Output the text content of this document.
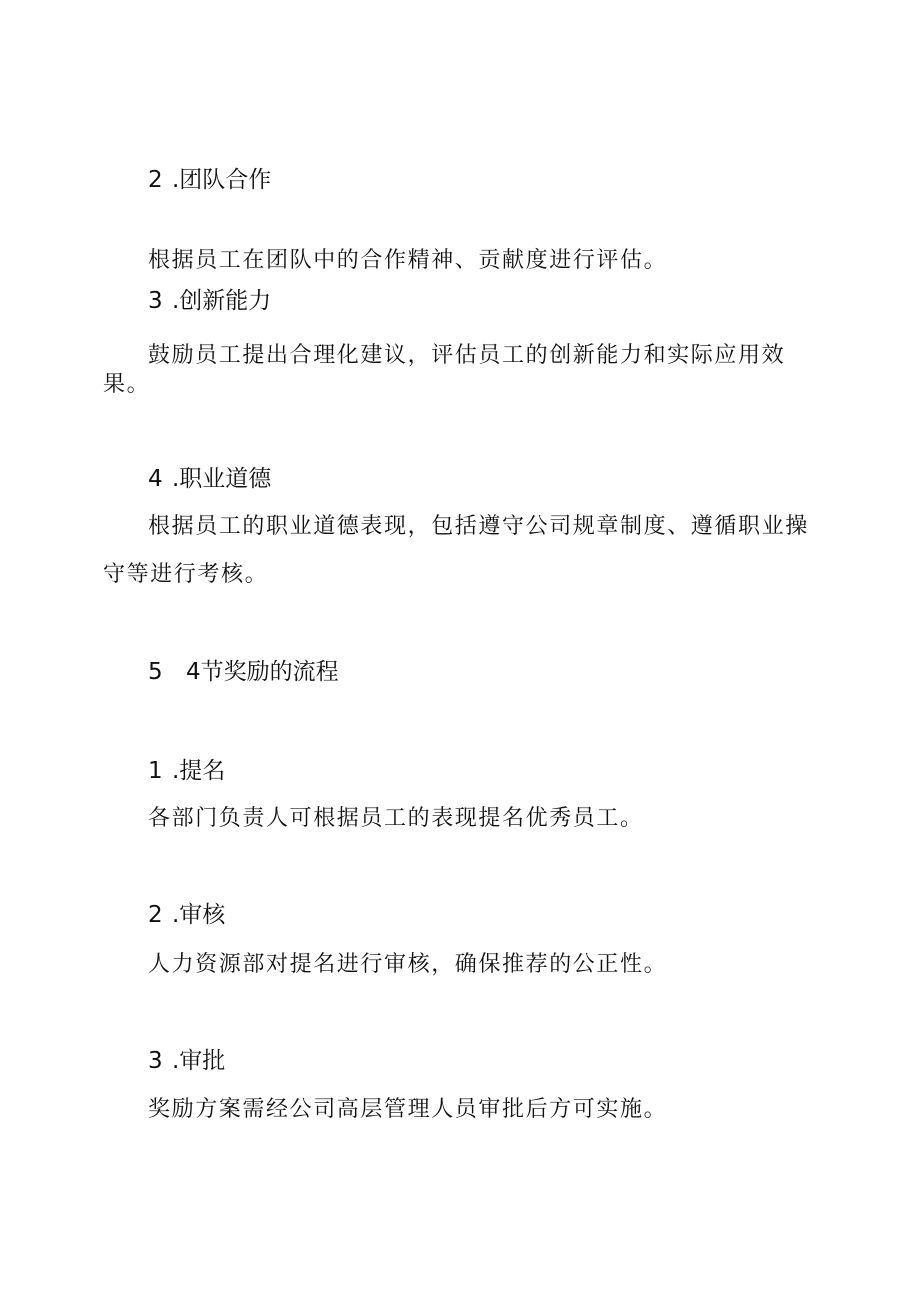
2 .团队合作
根据员工在团队中的合作精神、贡献度进行评估。
3 .创新能力
鼓励员工提出合理化建议，评估员工的创新能力和实际应用效
果。
4 .职业道德
根据员工的职业道德表现，包括遵守公司规章制度、遵循职业操
守等进行考核。
5 4节奖励的流程
1 .提名
各部门负责人可根据员工的表现提名优秀员工。
2 .审核
人力资源部对提名进行审核，确保推荐的公正性。
3 .审批
奖励方案需经公司高层管理人员审批后方可实施。
